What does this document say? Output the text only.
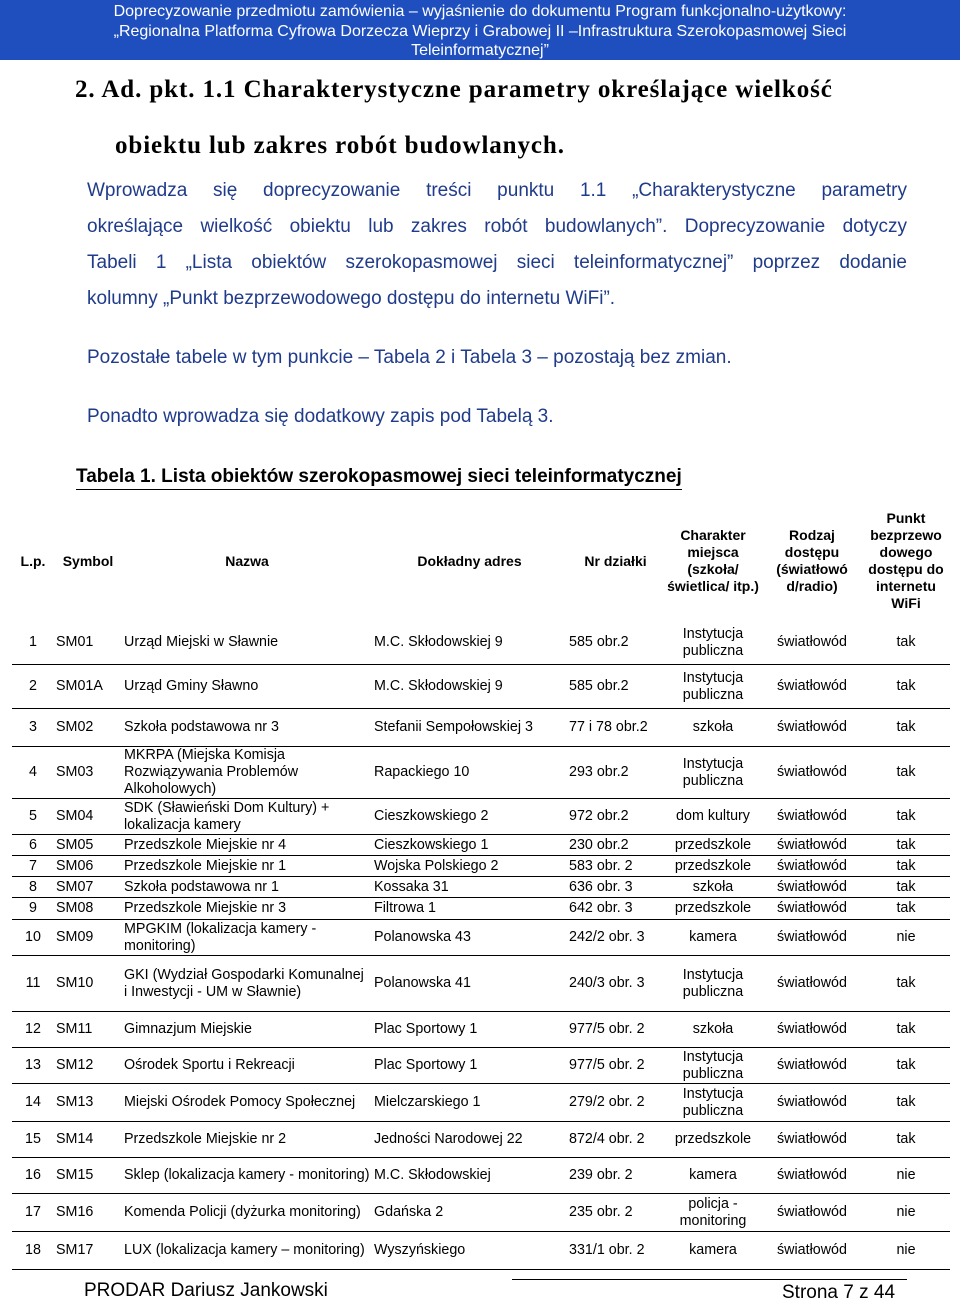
Doprecyzowanie przedmiotu zamówienia – wyjaśnienie do dokumentu Program funkcjonalno-użytkowy:
„Regionalna Platforma Cyfrowa Dorzecza Wieprzy i Grabowej II –Infrastruktura Szerokopasmowej Sieci
Teleinformatycznej”
2. Ad. pkt. 1.1 Charakterystyczne parametry określające wielkość
obiektu lub zakres robót budowlanych.
Wprowadza się doprecyzowanie treści punktu 1.1 „Charakterystyczne parametry
określające wielkość obiektu lub zakres robót budowlanych”. Doprecyzowanie dotyczy
Tabeli 1 „Lista obiektów szerokopasmowej sieci teleinformatycznej” poprzez dodanie
kolumny „Punkt bezprzewodowego dostępu do internetu WiFi”.
Pozostałe tabele w tym punkcie – Tabela 2 i Tabela 3 – pozostają bez zmian.
Ponadto wprowadza się dodatkowy zapis pod Tabelą 3.
Tabela 1. Lista obiektów szerokopasmowej sieci teleinformatycznej
L.p.	Symbol	Nazwa	Dokładny adres	Nr działki	Charakter miejsca (szkoła/ świetlica/ itp.)	Rodzaj dostępu (światłowó d/radio)	Punkt bezprzewo dowego dostępu do internetu WiFi
1	SM01	Urząd Miejski w Sławnie	M.C. Skłodowskiej 9	585 obr.2	Instytucja publiczna	światłowód	tak
2	SM01A	Urząd Gminy Sławno	M.C. Skłodowskiej 9	585 obr.2	Instytucja publiczna	światłowód	tak
3	SM02	Szkoła podstawowa nr 3	Stefanii Sempołowskiej 3	77 i 78 obr.2	szkoła	światłowód	tak
4	SM03	MKRPA (Miejska Komisja Rozwiązywania Problemów Alkoholowych)	Rapackiego 10	293 obr.2	Instytucja publiczna	światłowód	tak
5	SM04	SDK (Sławieński Dom Kultury) + lokalizacja kamery	Cieszkowskiego 2	972 obr.2	dom kultury	światłowód	tak
6	SM05	Przedszkole Miejskie nr 4	Cieszkowskiego 1	230 obr.2	przedszkole	światłowód	tak
7	SM06	Przedszkole Miejskie nr 1	Wojska Polskiego 2	583 obr. 2	przedszkole	światłowód	tak
8	SM07	Szkoła podstawowa nr 1	Kossaka 31	636 obr. 3	szkoła	światłowód	tak
9	SM08	Przedszkole Miejskie nr 3	Filtrowa 1	642 obr. 3	przedszkole	światłowód	tak
10	SM09	MPGKIM (lokalizacja kamery - monitoring)	Polanowska 43	242/2 obr. 3	kamera	światłowód	nie
11	SM10	GKI (Wydział Gospodarki Komunalnej i Inwestycji - UM w Sławnie)	Polanowska 41	240/3 obr. 3	Instytucja publiczna	światłowód	tak
12	SM11	Gimnazjum Miejskie	Plac Sportowy 1	977/5 obr. 2	szkoła	światłowód	tak
13	SM12	Ośrodek Sportu i Rekreacji	Plac Sportowy 1	977/5 obr. 2	Instytucja publiczna	światłowód	tak
14	SM13	Miejski Ośrodek Pomocy Społecznej	Mielczarskiego 1	279/2 obr. 2	Instytucja publiczna	światłowód	tak
15	SM14	Przedszkole Miejskie nr 2	Jedności Narodowej 22	872/4 obr. 2	przedszkole	światłowód	tak
16	SM15	Sklep (lokalizacja kamery - monitoring)	M.C. Skłodowskiej	239 obr. 2	kamera	światłowód	nie
17	SM16	Komenda Policji (dyżurka monitoring)	Gdańska 2	235 obr. 2	policja - monitoring	światłowód	nie
18	SM17	LUX (lokalizacja kamery – monitoring)	Wyszyńskiego	331/1 obr. 2	kamera	światłowód	nie
PRODAR Dariusz Jankowski	Strona 7 z 44
